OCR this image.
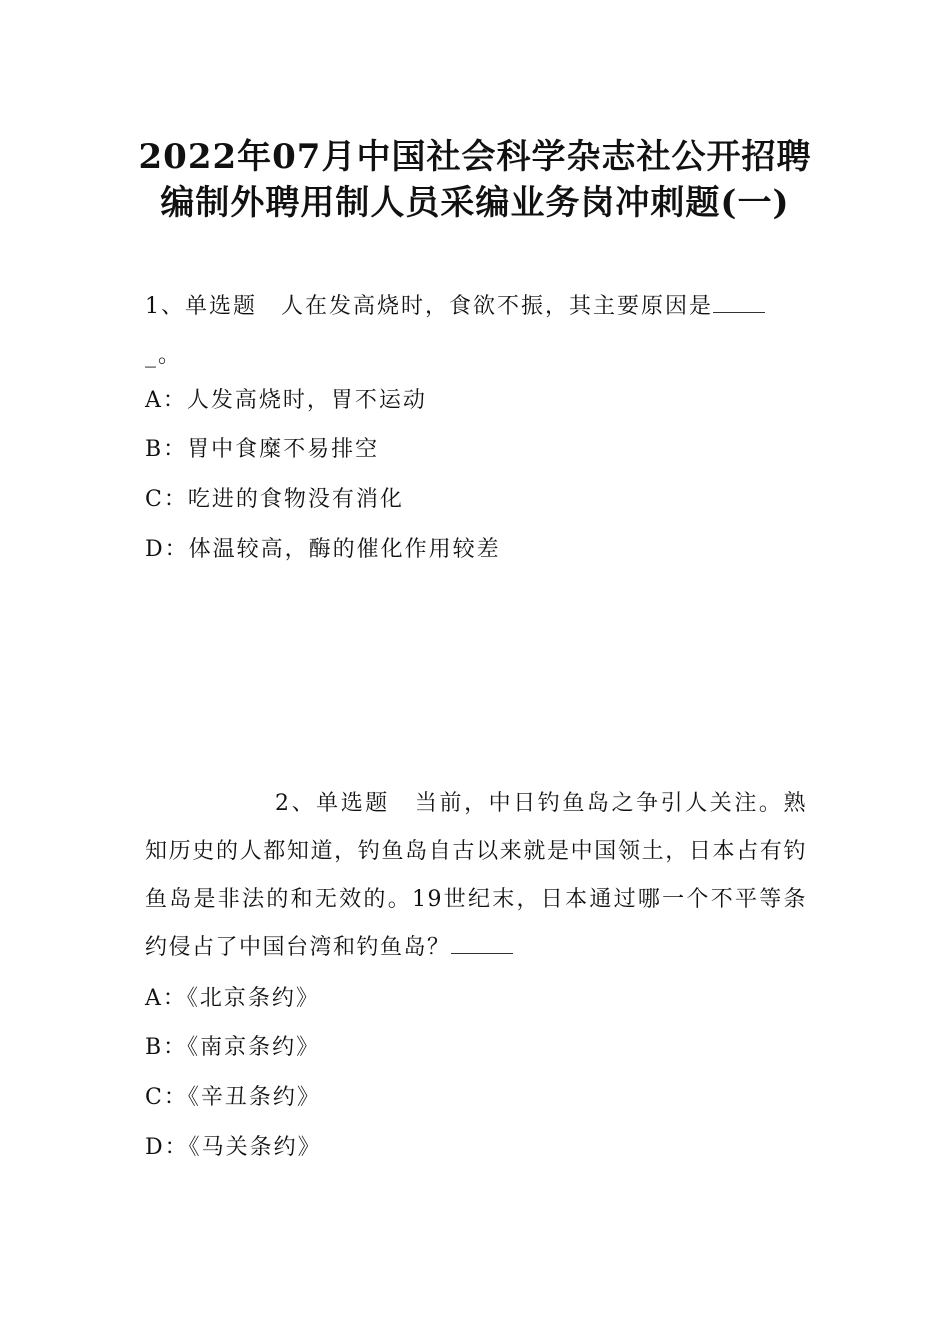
2022年07月中国社会科学杂志社公开招聘
编制外聘用制人员采编业务岗冲刺题(一)
1、单选题 人在发高烧时，食欲不振，其主要原因是
_。
A：人发高烧时，胃不运动
B：胃中食糜不易排空
C：吃进的食物没有消化
D：体温较高，酶的催化作用较差
2、单选题 当前，中日钓鱼岛之争引人关注。熟知历史的人都知道，钓鱼岛自古以来就是中国领土，日本占有钓鱼岛是非法的和无效的。19世纪末，日本通过哪一个不平等条约侵占了中国台湾和钓鱼岛？
A：《北京条约》
B：《南京条约》
C：《辛丑条约》
D：《马关条约》
